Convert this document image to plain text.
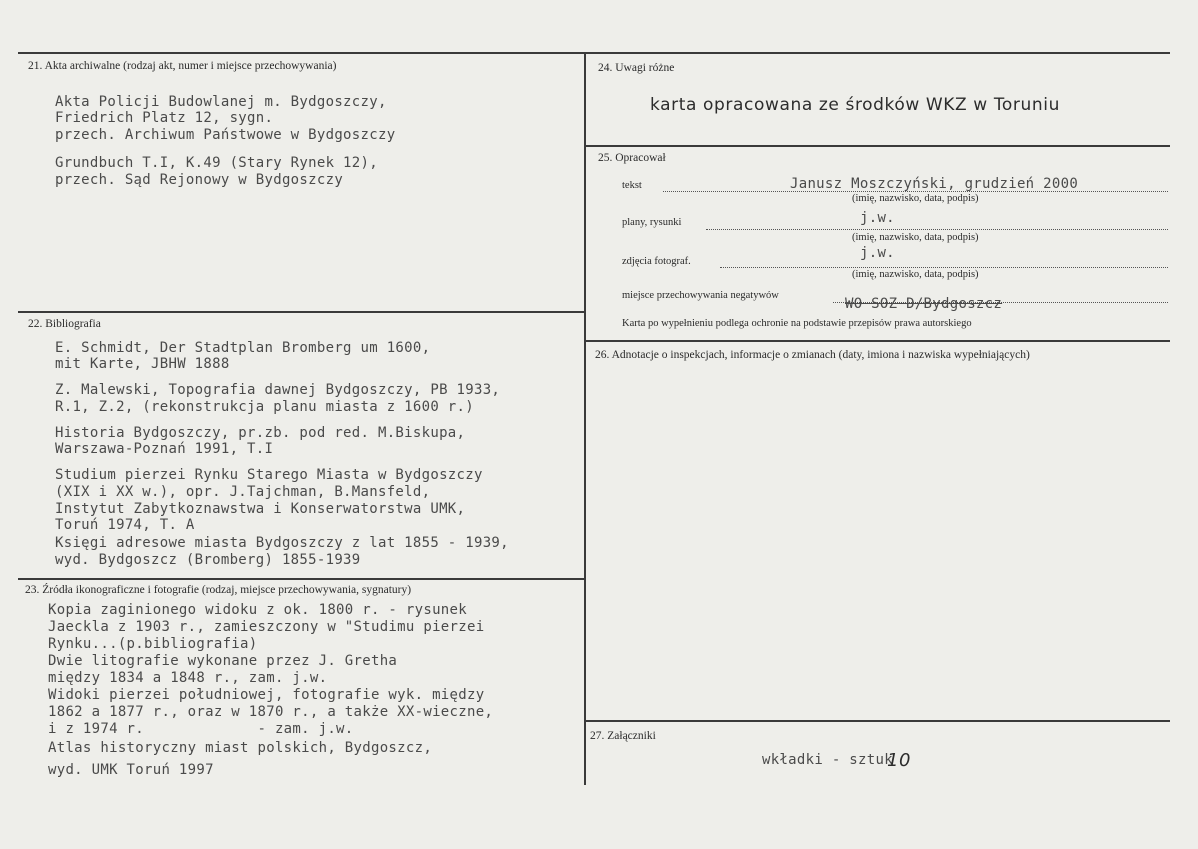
21. Akta archiwalne (rodzaj akt, numer i miejsce przechowywania)
Akta Policji Budowlanej m. Bydgoszczy,
Friedrich Platz 12, sygn.
przech. Archiwum Państwowe w Bydgoszczy
Grundbuch T.I, K.49 (Stary Rynek 12),
przech. Sąd Rejonowy w Bydgoszczy
22. Bibliografia
E. Schmidt, Der Stadtplan Bromberg um 1600,
mit Karte, JBHW 1888
Z. Malewski, Topografia dawnej Bydgoszczy, PB 1933,
R.1, Z.2, (rekonstrukcja planu miasta z 1600 r.)
Historia Bydgoszczy, pr.zb. pod red. M.Biskupa,
Warszawa-Poznań 1991, T.I
Studium pierzei Rynku Starego Miasta w Bydgoszczy
(XIX i XX w.), opr. J.Tajchman, B.Mansfeld,
Instytut Zabytkoznawstwa i Konserwatorstwa UMK,
Toruń 1974, T. A
Księgi adresowe miasta Bydgoszczy z lat 1855 - 1939,
wyd. Bydgoszcz (Bromberg) 1855-1939
23. Źródła ikonograficzne i fotografie (rodzaj, miejsce przechowywania, sygnatury)
Kopia zaginionego widoku z ok. 1800 r. - rysunek
Jaeckla z 1903 r., zamieszczony w "Studimu pierzei
Rynku...(p.bibliografia)
Dwie litografie wykonane przez J. Gretha
między 1834 a 1848 r., zam. j.w.
Widoki pierzei południowej, fotografie wyk. między
1862 a 1877 r., oraz w 1870 r., a także XX-wieczne,
i z 1974 r.             - zam. j.w.
Atlas historyczny miast polskich, Bydgoszcz,
wyd. UMK Toruń 1997
24. Uwagi różne
karta opracowana ze środków WKZ w Toruniu
25. Opracował
tekst	Janusz Moszczyński, grudzień 2000
(imię, nazwisko, data, podpis)
plany, rysunki	j.w.
(imię, nazwisko, data, podpis)
zdjęcia fotograf.
j.w.
(imię, nazwisko, data, podpis)
miejsce przechowywania negatywów
WO SOZ D/Bydgoszcz
Karta po wypełnieniu podlega ochronie na podstawie przepisów prawa autorskiego
26. Adnotacje o inspekcjach, informacje o zmianach (daty, imiona i nazwiska wypełniających)
27. Załączniki
wkładki - sztuk
10
